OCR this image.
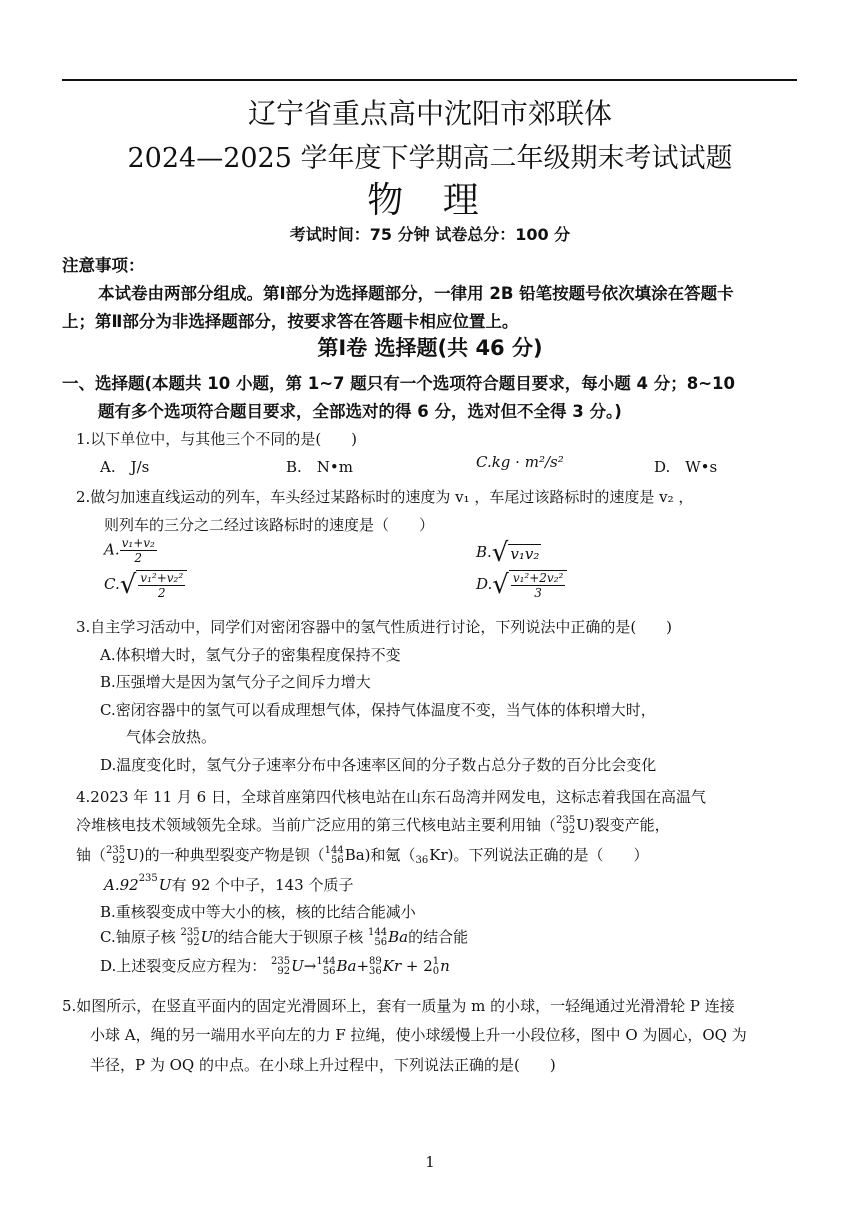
辽宁省重点高中沈阳市郊联体
2024—2025 学年度下学期高二年级期末考试试题
物 理
考试时间：75 分钟 试卷总分：100 分
注意事项：
本试卷由两部分组成。第Ⅰ部分为选择题部分，一律用 2B 铅笔按题号依次填涂在答题卡
上；第Ⅱ部分为非选择题部分，按要求答在答题卡相应位置上。
第Ⅰ卷 选择题(共 46 分)
一、选择题(本题共 10 小题，第 1~7 题只有一个选项符合题目要求，每小题 4 分；8~10
题有多个选项符合题目要求，全部选对的得 6 分，选对但不全得 3 分。)
1.以下单位中，与其他三个不同的是(　　)
A.　J/s	B.　N•m	C.kg · m²/s²	D.　W•s
2.做匀加速直线运动的列车，车头经过某路标时的速度为 v₁ ，车尾过该路标时的速度是 v₂ ，
则列车的三分之二经过该路标时的速度是（　　）
A. $\frac{\text{v₁+v₂}}{2}$	B.√ v₁v₂
$C.√ \frac{\text{v₁²+v₂²}}{2}$	$D.√ \frac{\text{v₁²+2v₂²}}{3}$
3.自主学习活动中，同学们对密闭容器中的氢气性质进行讨论，下列说法中正确的是(　　)
A.体积增大时，氢气分子的密集程度保持不变
B.压强增大是因为氢气分子之间斥力增大
C.密闭容器中的氢气可以看成理想气体，保持气体温度不变，当气体的体积增大时，
气体会放热。
D.温度变化时，氢气分子速率分布中各速率区间的分子数占总分子数的百分比会变化
4.2023 年 11 月 6 日，全球首座第四代核电站在山东石岛湾并网发电，这标志着我国在高温气
冷堆核电技术领域领先全球。当前广泛应用的第三代核电站主要利用铀（ 235
92 U)裂变产能，
铀（ 235
92 U)的一种典型裂变产物是钡（ 144
56 Ba)和氪（
36 Kr)。下列说法正确的是（　　）
A.92235U有 92 个中子，143 个质子
B.重核裂变成中等大小的核，核的比结合能减小
C.铀原子核 235
92 U的结合能大于钡原子核 144
56 Ba的结合能
D.上述裂变反应方程为： 235
92 U→ 144
56 Ba+ 89
36 Kr + 2 1
0 n
5.如图所示，在竖直平面内的固定光滑圆环上，套有一质量为 m 的小球，一轻绳通过光滑滑轮 P 连接
小球 A，绳的另一端用水平向左的力 F 拉绳，使小球缓慢上升一小段位移，图中 O 为圆心，OQ 为
半径，P 为 OQ 的中点。在小球上升过程中，下列说法正确的是(　　)
1
